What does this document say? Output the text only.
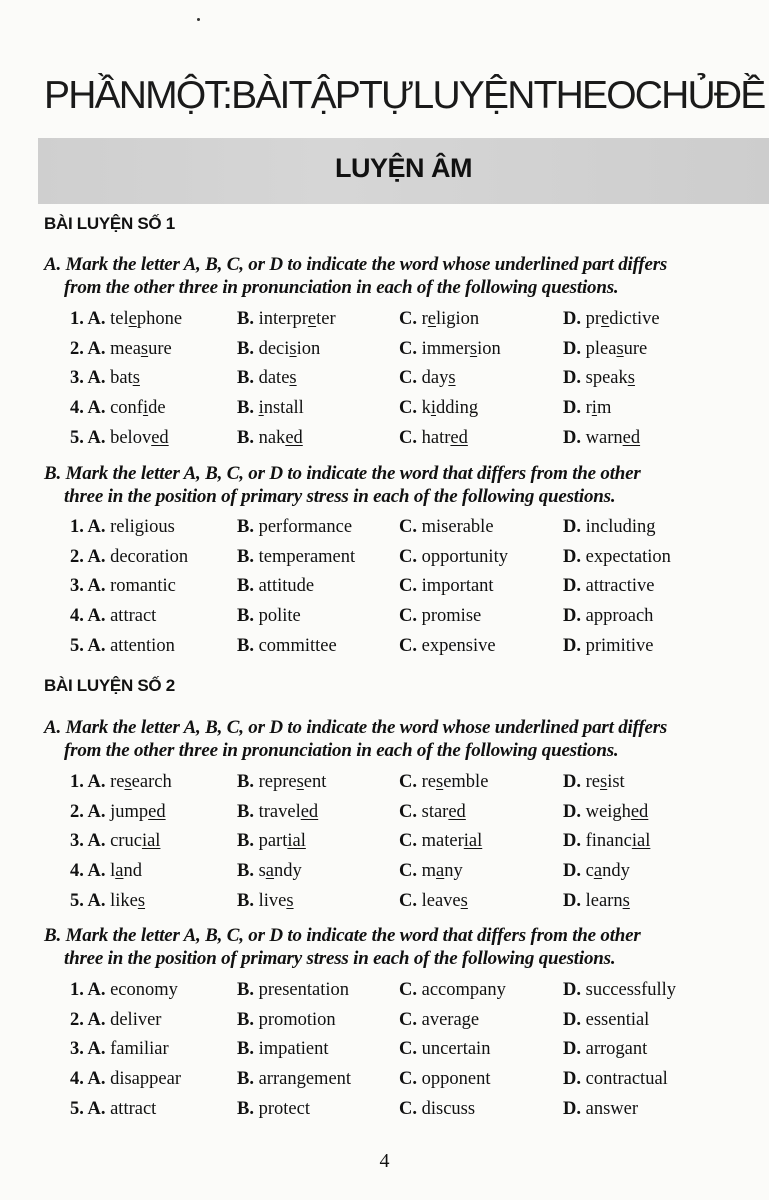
PHẦNMỘT:BÀITẬPTỰLUYỆNTHEOCHỦĐỀ
LUYỆN ÂM
BÀI LUYỆN SỐ 1
A. Mark the letter A, B, C, or D to indicate the word whose underlined part differs
from the other three in pronunciation in each of the following questions.
1. A. telephone	B. interpreter	C. religion	D. predictive
2. A. measure	B. decision	C. immersion	D. pleasure
3. A. bats	B. dates	C. days	D. speaks
4. A. confide	B. install	C. kidding	D. rim
5. A. beloved	B. naked	C. hatred	D. warned
B. Mark the letter A, B, C, or D to indicate the word that differs from the other
three in the position of primary stress in each of the following questions.
1. A. religious	B. performance	C. miserable	D. including
2. A. decoration	B. temperament C. opportunity	D. expectation
3. A. romantic	B. attitude	C. important	D. attractive
4. A. attract	B. polite	C. promise	D. approach
5. A. attention	B. committee	C. expensive	D. primitive
BÀI LUYỆN SỐ 2
A. Mark the letter A, B, C, or D to indicate the word whose underlined part differs
from the other three in pronunciation in each of the following questions.
1. A. research	B. represent	C. resemble	D. resist
2. A. jumped	B. traveled	C. stared	D. weighed
3. A. crucial	B. partial	C. material	D. financial
4. A. land	B. sandy	C. many	D. candy
5. A. likes	B. lives	C. leaves	D. learns
B. Mark the letter A, B, C, or D to indicate the word that differs from the other
three in the position of primary stress in each of the following questions.
1. A. economy	B. presentation	C. accompany	D. successfully
2. A. deliver	B. promotion	C. average	D. essential
3. A. familiar	B. impatient	C. uncertain	D. arrogant
4. A. disappear	B. arrangement	C. opponent	D. contractual
5. A. attract	B. protect	C. discuss	D. answer
4
